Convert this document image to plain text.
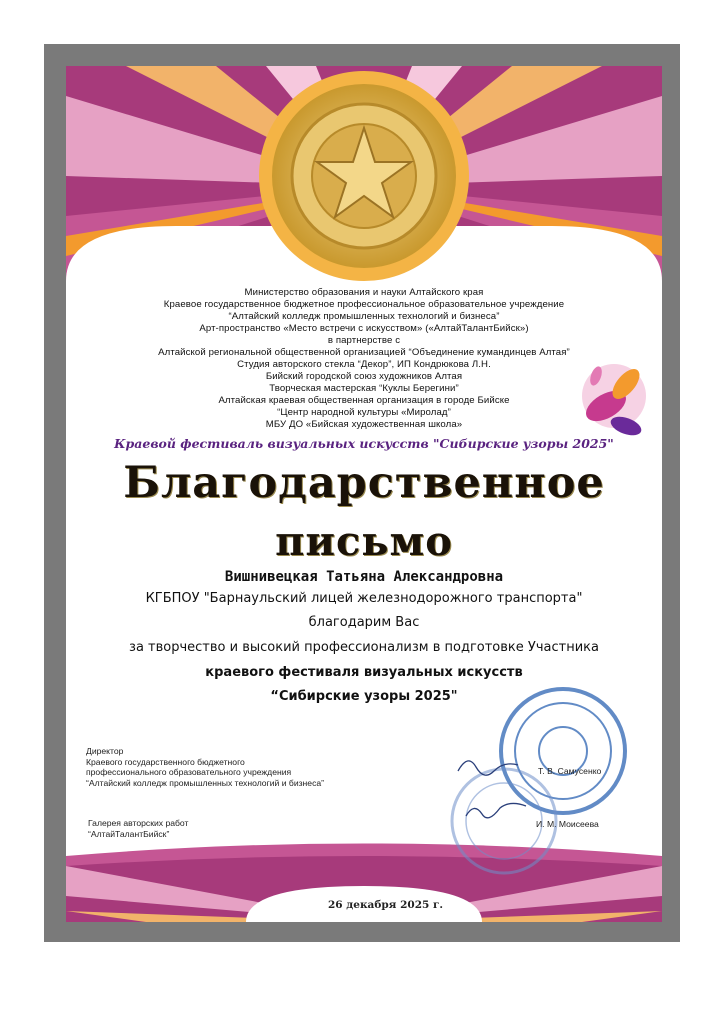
Министерство образования и науки Алтайского края
Краевое государственное бюджетное профессиональное образовательное учреждение
“Алтайский колледж промышленных технологий и бизнеса”
Арт-пространство «Место встречи с искусством» («АлтайТалантБийск»)
в партнерстве с
Алтайской региональной общественной организацией “Объединение кумандинцев Алтая”
Студия авторского стекла “Декор”, ИП Кондрюкова Л.Н.
Бийский городской союз художников Алтая
Творческая мастерская “Куклы Берегини”
Алтайская краевая общественная организация в городе Бийске
“Центр народной культуры «Миролад”
МБУ ДО «Бийская художественная школа»
Краевой фестиваль визуальных искусств "Сибирские узоры 2025"
Благодарственное
письмо
Вишнивецкая Татьяна Александровна
КГБПОУ "Барнаульский лицей железнодорожного транспорта"
благодарим Вас
за творчество и высокий профессионализм в подготовке Участника
краевого фестиваля визуальных искусств
“Сибирские узоры 2025"
Директор
Краевого государственного бюджетного
профессионального образовательного учреждения
“Алтайский колледж промышленных технологий и бизнеса”
Т. В. Самусенко
Галерея авторских работ
“АлтайТалантБийск”
И. М. Моисеева
26 декабря 2025 г.
